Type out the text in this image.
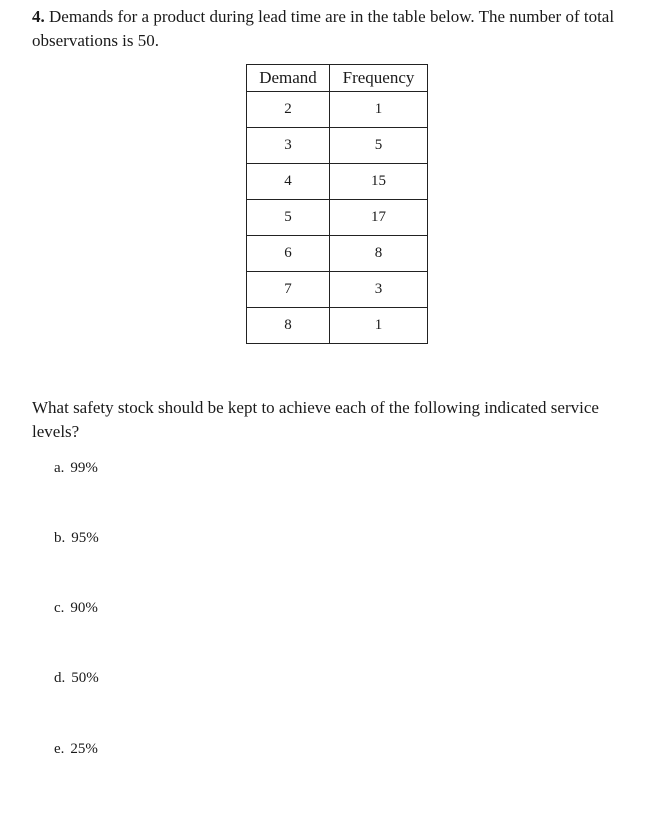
4. Demands for a product during lead time are in the table below. The number of total observations is 50.
Demand	Frequency
2	1
3	5
4	15
5	17
6	8
7	3
8	1
What safety stock should be kept to achieve each of the following indicated service levels?
a. 99%
b. 95%
c. 90%
d. 50%
e. 25%
